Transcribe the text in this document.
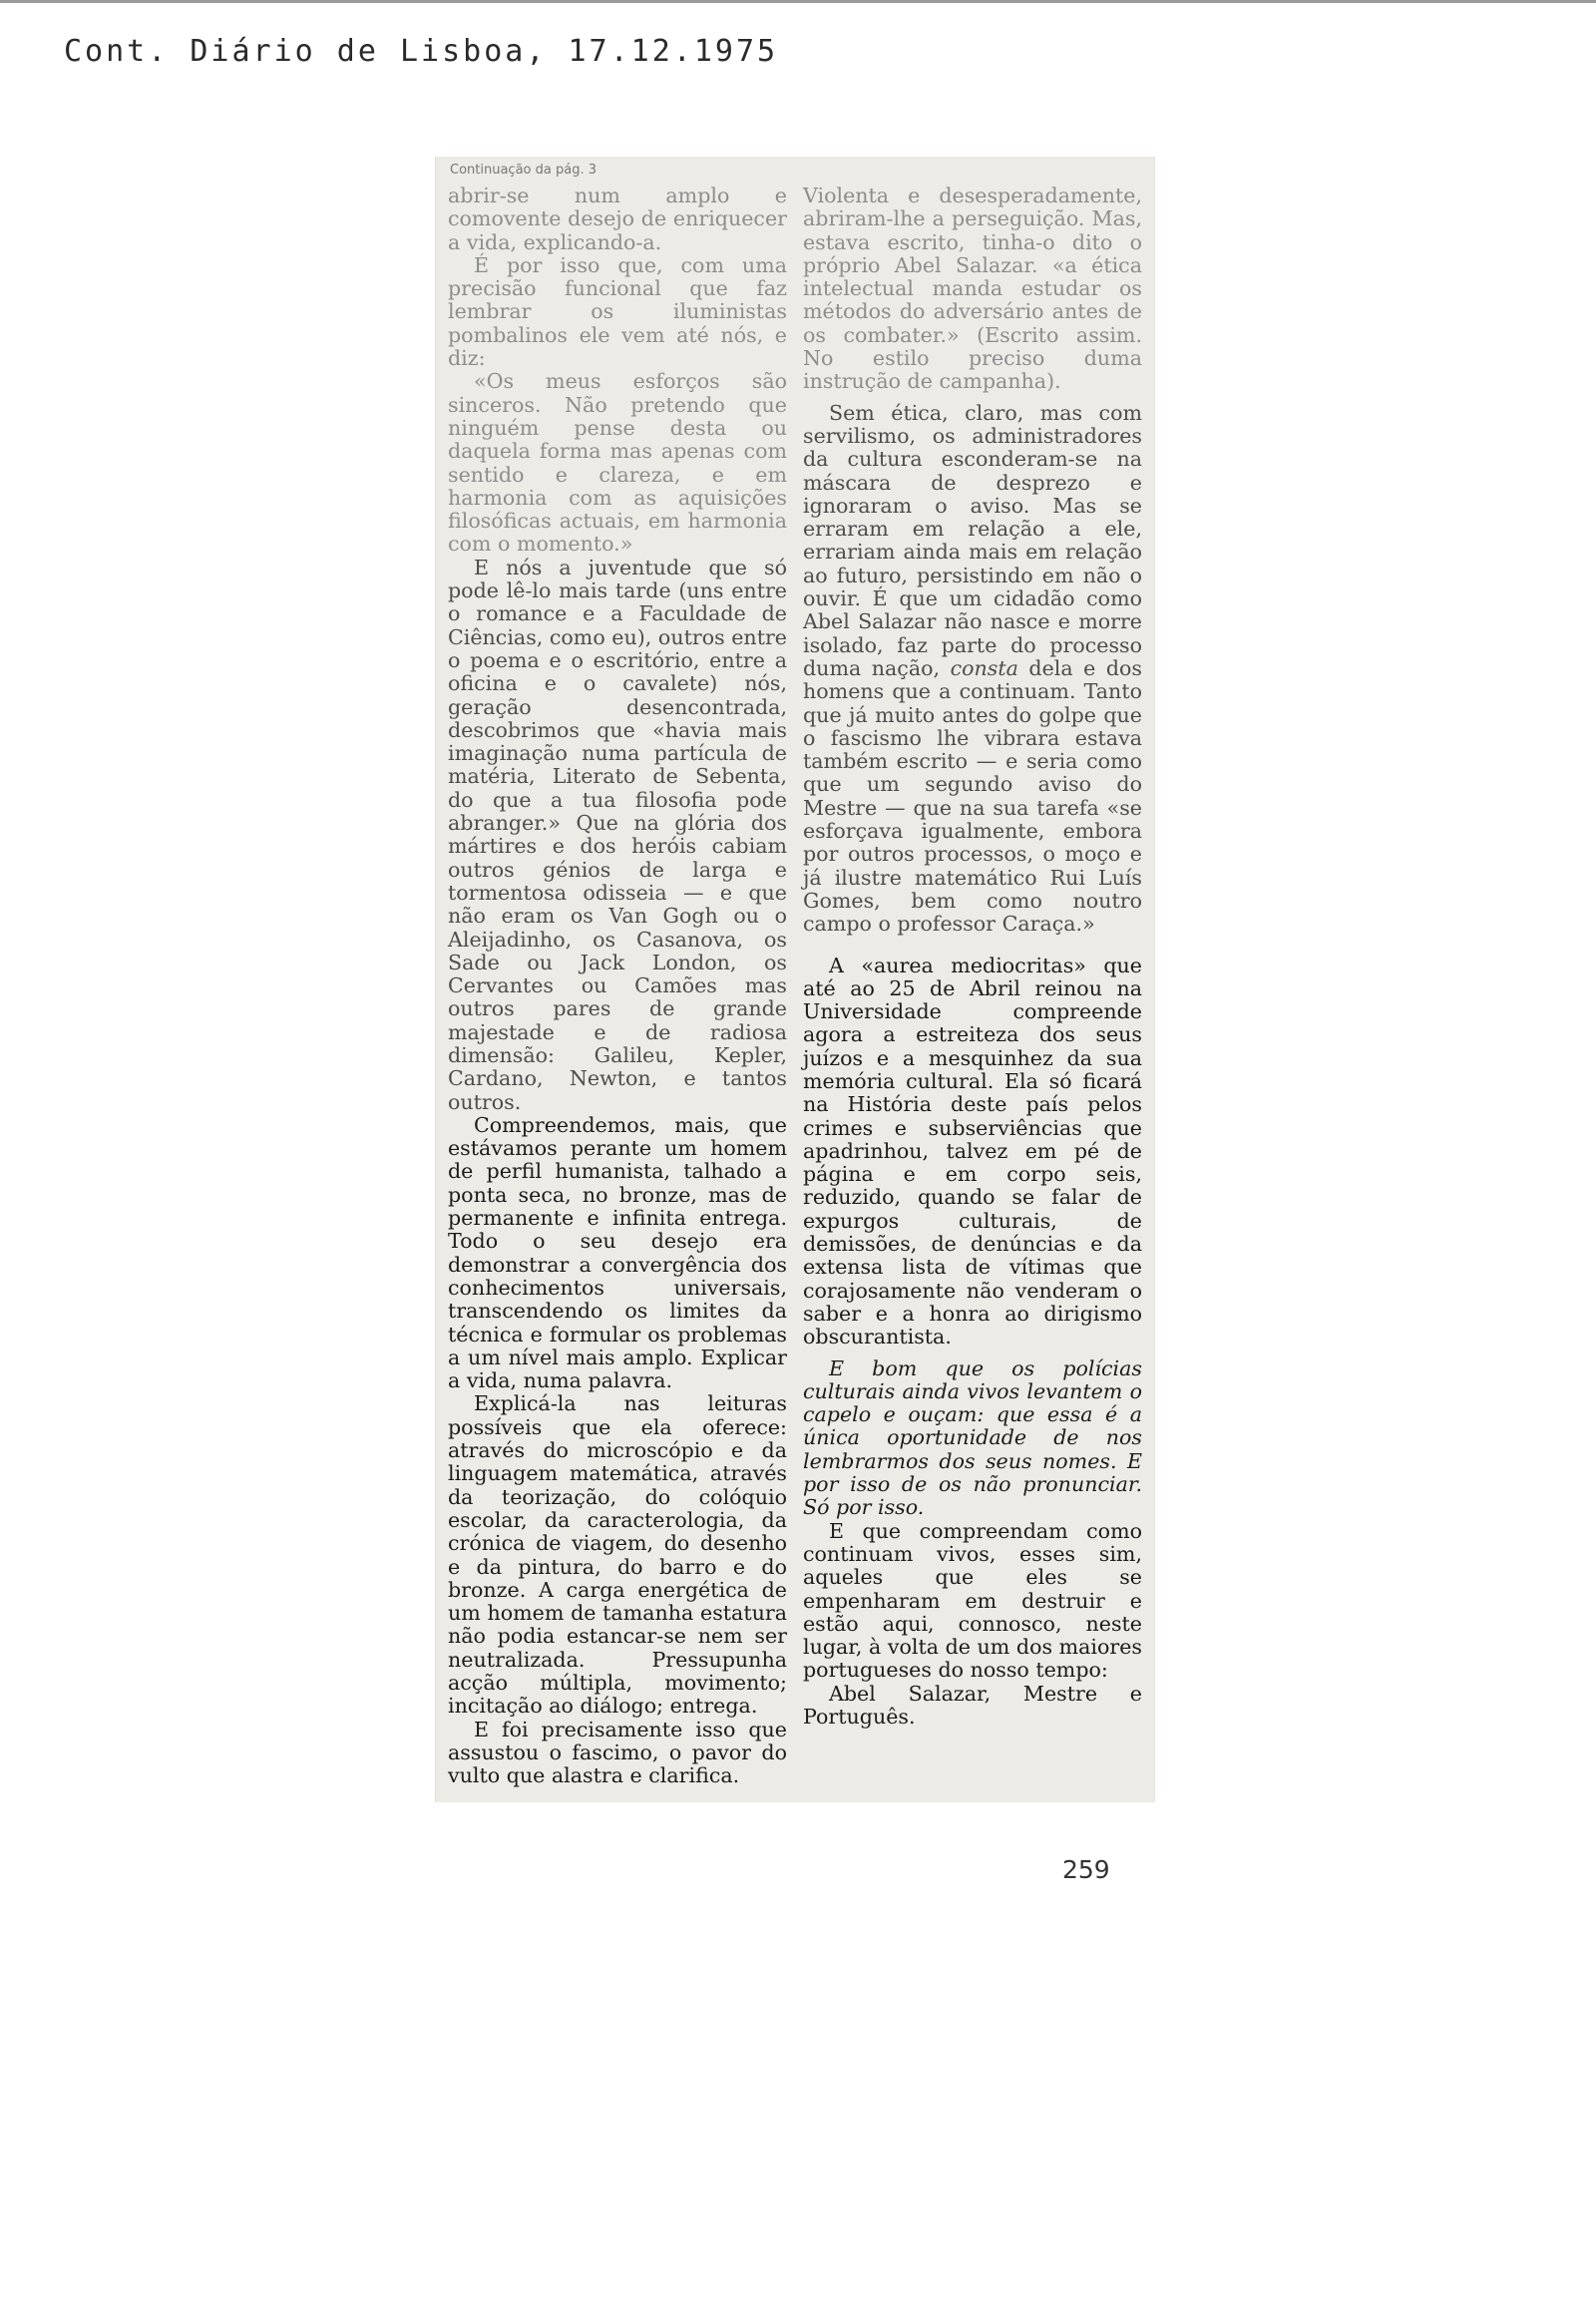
Cont. Diário de Lisboa, 17.12.1975
Continuação da pág. 3

abrir-se num amplo e comovente desejo de enriquecer a vida, explicando-a.

É por isso que, com uma precisão funcional que faz lembrar os iluministas pombalinos ele vem até nós, e diz:

«Os meus esforços são sinceros. Não pretendo que ninguém pense desta ou daquela forma mas apenas com sentido e clareza, e em harmonia com as aquisições filosóficas actuais, em harmonia com o momento.»

E nós a juventude que só pode lê-lo mais tarde (uns entre o romance e a Faculdade de Ciências, como eu), outros entre o poema e o escritório, entre a oficina e o cavalete) nós, geração desencontrada, descobrimos que «havia mais imaginação numa partícula de matéria, Literato de Sebenta, do que a tua filosofia pode abranger.» Que na glória dos mártires e dos heróis cabiam outros génios de larga e tormentosa odisseia — e que não eram os Van Gogh ou o Aleijadinho, os Casanova, os Sade ou Jack London, os Cervantes ou Camões mas outros pares de grande majestade e de radiosa dimensão: Galileu, Kepler, Cardano, Newton, e tantos outros.

Compreendemos, mais, que estávamos perante um homem de perfil humanista, talhado a ponta seca, no bronze, mas de permanente e infinita entrega. Todo o seu desejo era demonstrar a convergência dos conhecimentos universais, transcendendo os limites da técnica e formular os problemas a um nível mais amplo. Explicar a vida, numa palavra.

Explicá-la nas leituras possíveis que ela oferece: através do microscópio e da linguagem matemática, através da teorização, do colóquio escolar, da caracterologia, da crónica de viagem, do desenho e da pintura, do barro e do bronze. A carga energética de um homem de tamanha estatura não podia estancar-se nem ser neutralizada. Pressupunha acção múltipla, movimento; incitação ao diálogo; entrega.

E foi precisamente isso que assustou o fascimo, o pavor do vulto que alastra e clarifica.

Violenta e desesperadamente, abriram-lhe a perseguição. Mas, estava escrito, tinha-o dito o próprio Abel Salazar. «a ética intelectual manda estudar os métodos do adversário antes de os combater.» (Escrito assim. No estilo preciso duma instrução de campanha).

Sem ética, claro, mas com servilismo, os administradores da cultura esconderam-se na máscara de desprezo e ignoraram o aviso. Mas se erraram em relação a ele, errariam ainda mais em relação ao futuro, persistindo em não o ouvir. É que um cidadão como Abel Salazar não nasce e morre isolado, faz parte do processo duma nação, consta dela e dos homens que a continuam. Tanto que já muito antes do golpe que o fascismo lhe vibrara estava também escrito — e seria como que um segundo aviso do Mestre — que na sua tarefa «se esforçava igualmente, embora por outros processos, o moço e já ilustre matemático Rui Luís Gomes, bem como noutro campo o professor Caraça.»

A «aurea mediocritas» que até ao 25 de Abril reinou na Universidade compreende agora a estreiteza dos seus juízos e a mesquinhez da sua memória cultural. Ela só ficará na História deste país pelos crimes e subserviências que apadrinhou, talvez em pé de página e em corpo seis, reduzido, quando se falar de expurgos culturais, de demissões, de denúncias e da extensa lista de vítimas que corajosamente não venderam o saber e a honra ao dirigismo obscurantista.

E bom que os polícias culturais ainda vivos levantem o capelo e ouçam: que essa é a única oportunidade de nos lembrarmos dos seus nomes. E por isso de os não pronunciar. Só por isso.

E que compreendam como continuam vivos, esses sim, aqueles que eles se empenharam em destruir e estão aqui, connosco, neste lugar, à volta de um dos maiores portugueses do nosso tempo:

Abel Salazar, Mestre e Português.

259
